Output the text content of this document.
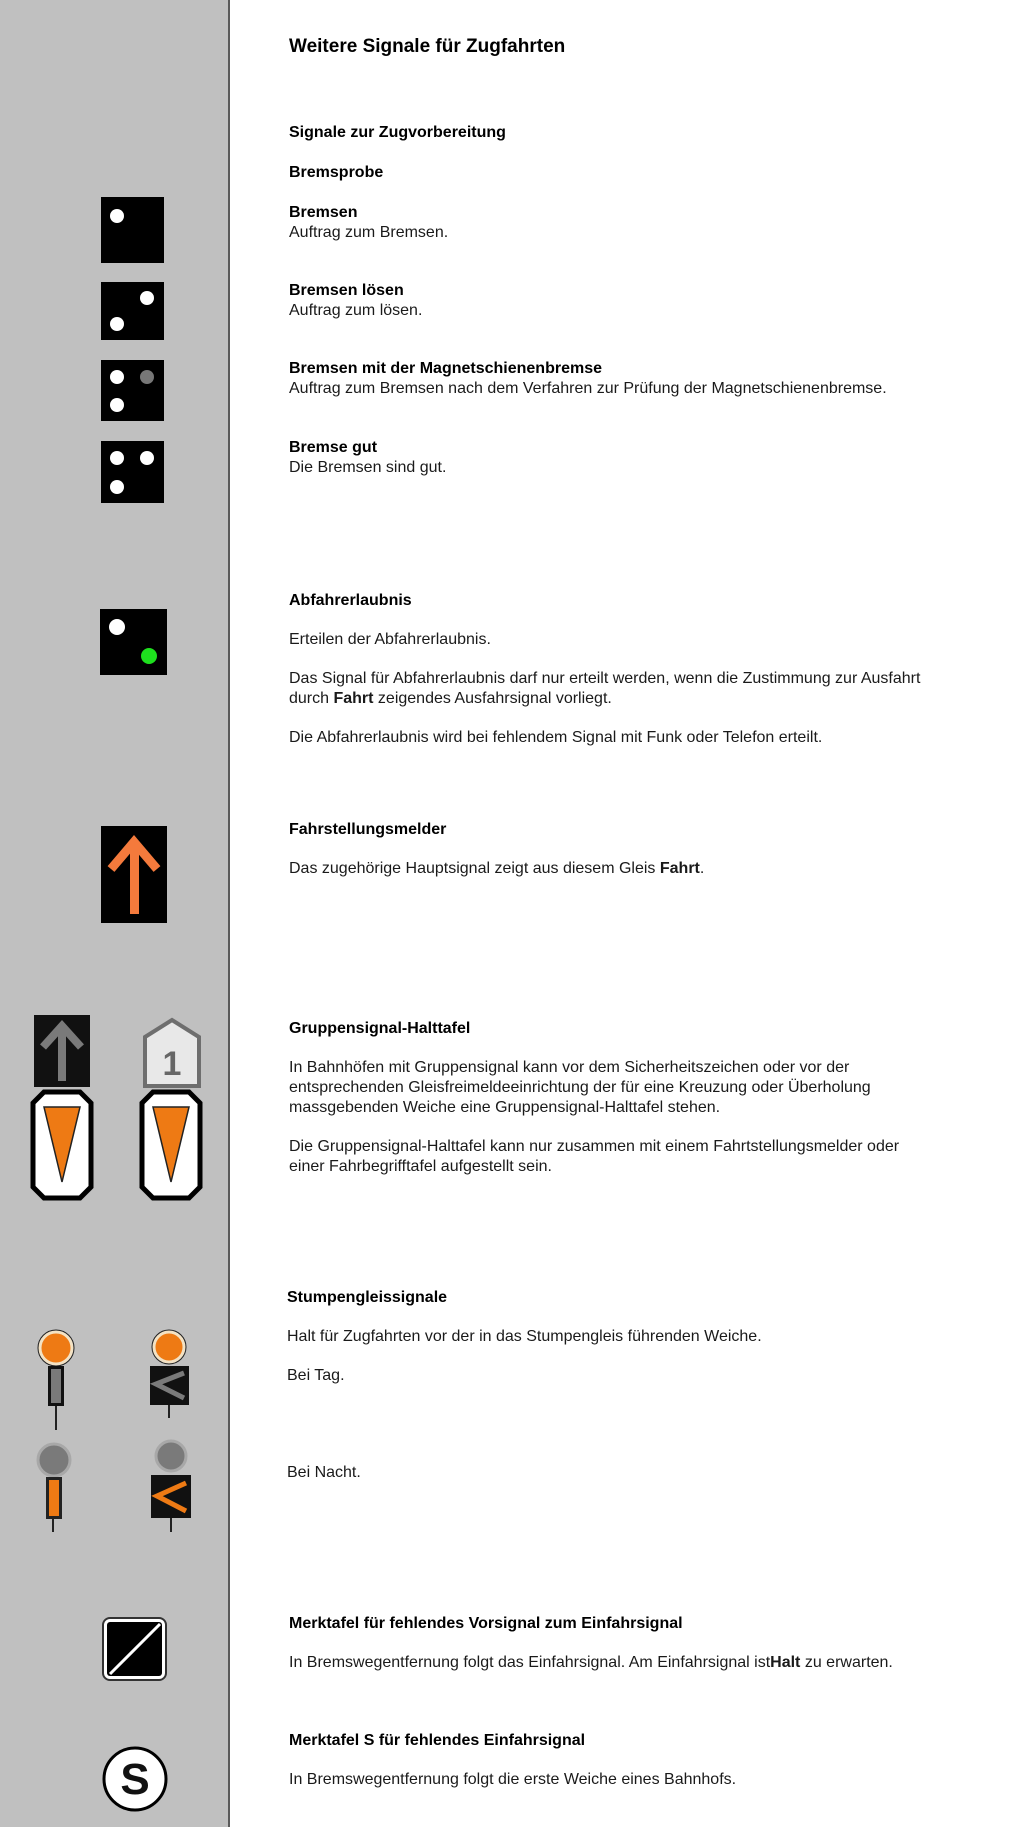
Weitere Signale für Zugfahrten
Signale zur Zugvorbereitung
Bremsprobe
Bremsen
Auftrag zum Bremsen.
Bremsen lösen
Auftrag zum lösen.
Bremsen mit der Magnetschienenbremse
Auftrag zum Bremsen nach dem Verfahren zur Prüfung der Magnetschienenbremse.
Bremse gut
Die Bremsen sind gut.
Abfahrerlaubnis
Erteilen der Abfahrerlaubnis.
Das Signal für Abfahrerlaubnis darf nur erteilt werden, wenn die Zustimmung zur Ausfahrt durch Fahrt zeigendes Ausfahrsignal vorliegt.
Die Abfahrerlaubnis wird bei fehlendem Signal mit Funk oder Telefon erteilt.
Fahrstellungsmelder
Das zugehörige Hauptsignal zeigt aus diesem Gleis Fahrt.
Gruppensignal-Halttafel
In Bahnhöfen mit Gruppensignal kann vor dem Sicherheitszeichen oder vor der entsprechenden Gleisfreimeldeeinrichtung der für eine Kreuzung oder Überholung massgebenden Weiche eine Gruppensignal-Halttafel stehen.
Die Gruppensignal-Halttafel kann nur zusammen mit einem Fahrtstellungsmelder oder einer Fahrbegrifftafel aufgestellt sein.
1
Stumpengleissignale
Halt für Zugfahrten vor der in das Stumpengleis führenden Weiche.
Bei Tag.
Bei Nacht.
Merktafel für fehlendes Vorsignal zum Einfahrsignal
In Bremswegentfernung folgt das Einfahrsignal. Am Einfahrsignal istHalt zu erwarten.
Merktafel S für fehlendes Einfahrsignal
In Bremswegentfernung folgt die erste Weiche eines Bahnhofs.
S
